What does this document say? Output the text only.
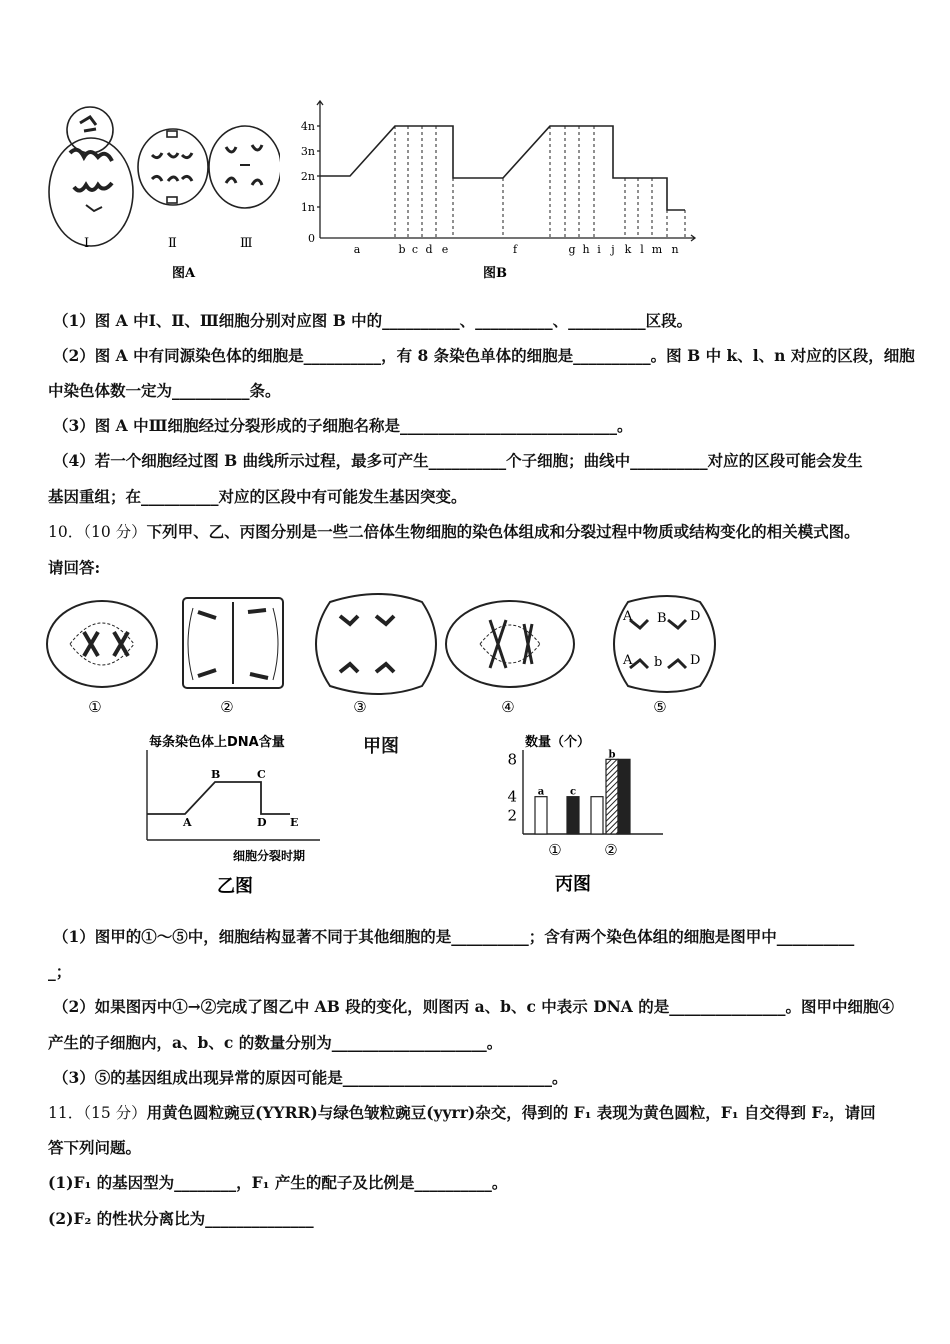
Ⅰ	Ⅱ	Ⅲ
图A
4n
3n
2n
1n
0
a	b c d e	f	g h i j k l m n
图B
（1）图 A 中Ⅰ、Ⅱ、Ⅲ细胞分别对应图 B 中的__________、__________、__________区段。
（2）图 A 中有同源染色体的细胞是__________，有 8 条染色单体的细胞是__________。图 B 中 k、l、n 对应的区段，细胞
中染色体数一定为__________条。
（3）图 A 中Ⅲ细胞经过分裂形成的子细胞名称是____________________________。
（4）若一个细胞经过图 B 曲线所示过程，最多可产生__________个子细胞；曲线中__________对应的区段可能会发生
基因重组；在__________对应的区段中有可能发生基因突变。
10．（10 分）下列甲、乙、丙图分别是一些二倍体生物细胞的染色体组成和分裂过程中物质或结构变化的相关模式图。
请回答:
A B D
A b D
①	②	③	④	⑤
每条染色体上DNA含量
A
B	C
D E
细胞分裂时期
乙图
甲图	数量（个）
2
4
8
a	c
b
①	②
丙图
（1）图甲的①～⑤中，细胞结构显著不同于其他细胞的是__________；含有两个染色体组的细胞是图甲中__________
_；
（2）如果图丙中①→②完成了图乙中 AB 段的变化，则图丙 a、b、c 中表示 DNA 的是_______________。图甲中细胞④
产生的子细胞内，a、b、c 的数量分别为____________________。
（3）⑤的基因组成出现异常的原因可能是___________________________。
11．（15 分）用黄色圆粒豌豆(YYRR)与绿色皱粒豌豆(yyrr)杂交，得到的 F₁ 表现为黄色圆粒，F₁ 自交得到 F₂，请回
答下列问题。
(1)F₁ 的基因型为________，F₁ 产生的配子及比例是__________。
(2)F₂ 的性状分离比为______________
